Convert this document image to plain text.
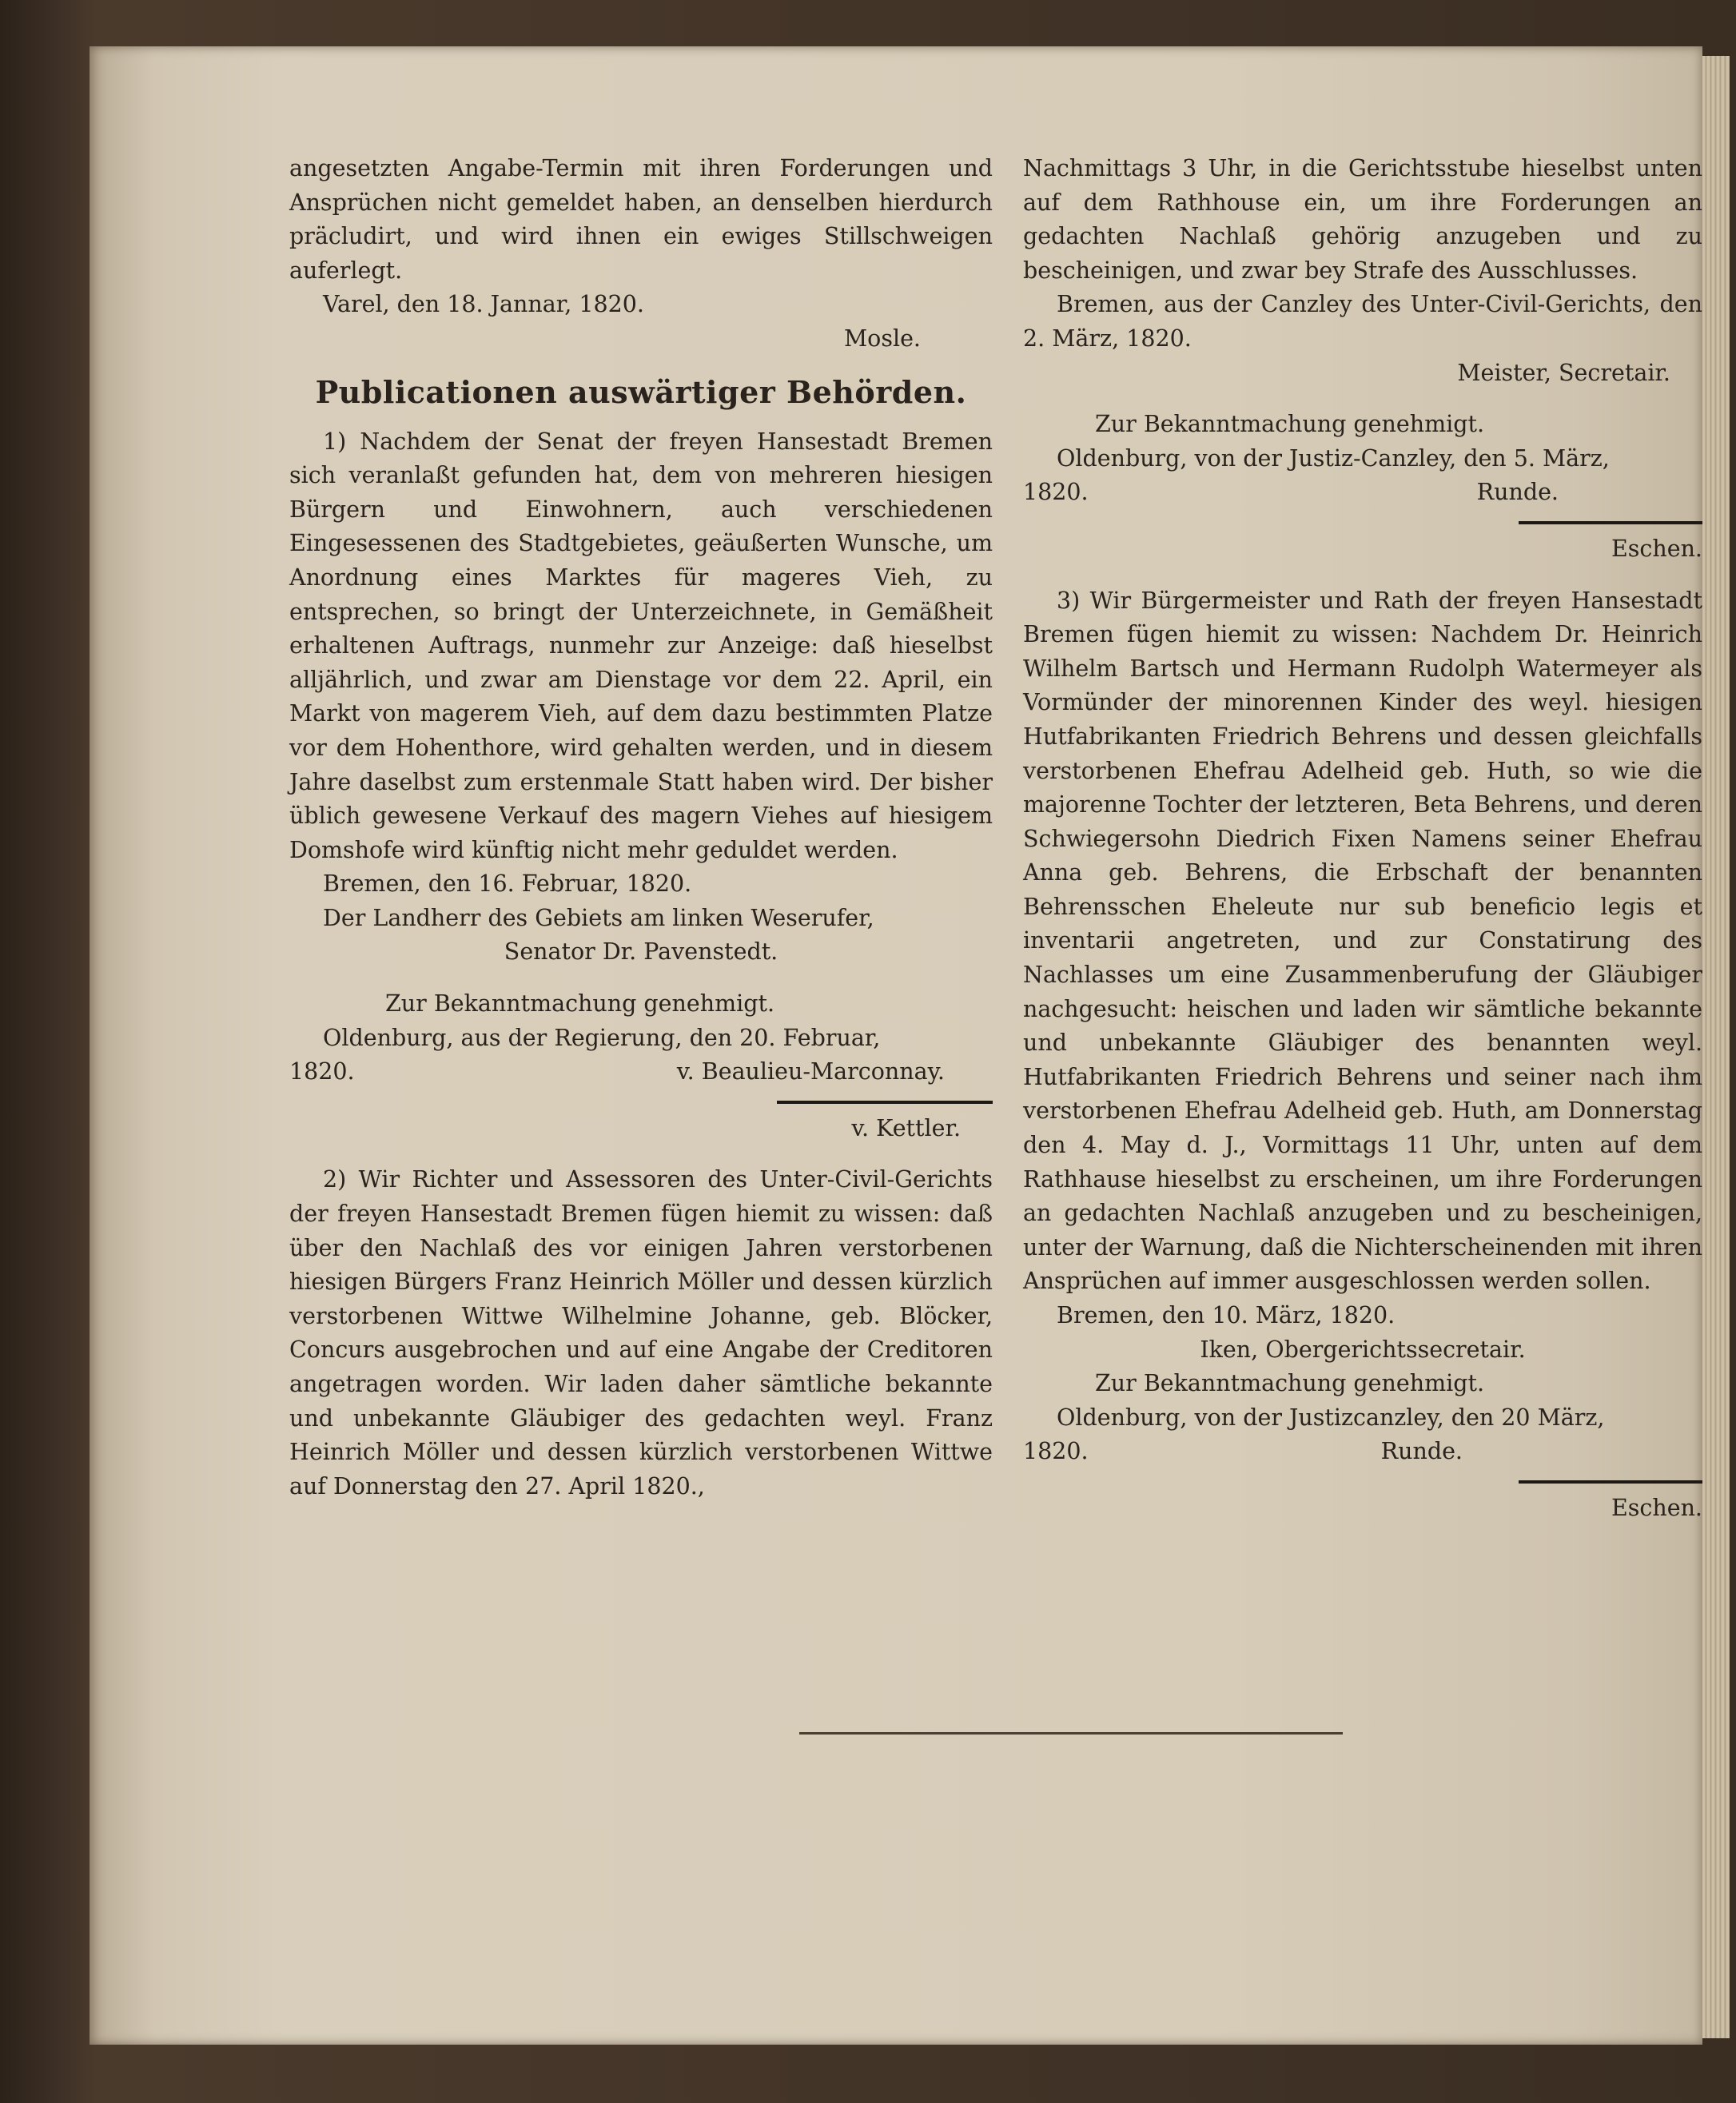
angesetzten Angabe-Termin mit ihren Forderungen und Ansprüchen nicht gemeldet haben, an denselben hierdurch präcludirt, und wird ihnen ein ewiges Stillschweigen auferlegt.

Varel, den 18. Jannar, 1820.

Mosle.

Publicationen auswärtiger Behörden.

1) Nachdem der Senat der freyen Hansestadt Bremen sich veranlaßt gefunden hat, dem von mehreren hiesigen Bürgern und Einwohnern, auch verschiedenen Eingesessenen des Stadtgebietes, geäußerten Wunsche, um Anordnung eines Marktes für mageres Vieh, zu entsprechen, so bringt der Unterzeichnete, in Gemäßheit erhaltenen Auftrags, nunmehr zur Anzeige: daß hieselbst alljährlich, und zwar am Dienstage vor dem 22. April, ein Markt von magerem Vieh, auf dem dazu bestimmten Platze vor dem Hohenthore, wird gehalten werden, und in diesem Jahre daselbst zum erstenmale Statt haben wird. Der bisher üblich gewesene Verkauf des magern Viehes auf hiesigem Domshofe wird künftig nicht mehr geduldet werden.

Bremen, den 16. Februar, 1820.

Der Landherr des Gebiets am linken Weserufer,

Senator Dr. Pavenstedt.

Zur Bekanntmachung genehmigt.

Oldenburg, aus der Regierung, den 20. Februar,

1820.	v. Beaulieu-Marconnay.

v. Kettler.

2) Wir Richter und Assessoren des Unter-Civil-Gerichts der freyen Hansestadt Bremen fügen hiemit zu wissen: daß über den Nachlaß des vor einigen Jahren verstorbenen hiesigen Bürgers Franz Heinrich Möller und dessen kürzlich verstorbenen Wittwe Wilhelmine Johanne, geb. Blöcker, Concurs ausgebrochen und auf eine Angabe der Creditoren angetragen worden. Wir laden daher sämtliche bekannte und unbekannte Gläubiger des gedachten weyl. Franz Heinrich Möller und dessen kürzlich verstorbenen Wittwe auf Donnerstag den 27. April 1820.,

Nachmittags 3 Uhr, in die Gerichtsstube hieselbst unten auf dem Rathhouse ein, um ihre Forderungen an gedachten Nachlaß gehörig anzugeben und zu bescheinigen, und zwar bey Strafe des Ausschlusses.

Bremen, aus der Canzley des Unter-Civil-Gerichts, den 2. März, 1820.

Meister, Secretair.

Zur Bekanntmachung genehmigt.

Oldenburg, von der Justiz-Canzley, den 5. März,

1820.	Runde.

Eschen.

3) Wir Bürgermeister und Rath der freyen Hansestadt Bremen fügen hiemit zu wissen: Nachdem Dr. Heinrich Wilhelm Bartsch und Hermann Rudolph Watermeyer als Vormünder der minorennen Kinder des weyl. hiesigen Hutfabrikanten Friedrich Behrens und dessen gleichfalls verstorbenen Ehefrau Adelheid geb. Huth, so wie die majorenne Tochter der letzteren, Beta Behrens, und deren Schwiegersohn Diedrich Fixen Namens seiner Ehefrau Anna geb. Behrens, die Erbschaft der benannten Behrensschen Eheleute nur sub beneficio legis et inventarii angetreten, und zur Constatirung des Nachlasses um eine Zusammenberufung der Gläubiger nachgesucht: heischen und laden wir sämtliche bekannte und unbekannte Gläubiger des benannten weyl. Hutfabrikanten Friedrich Behrens und seiner nach ihm verstorbenen Ehefrau Adelheid geb. Huth, am Donnerstag den 4. May d. J., Vormittags 11 Uhr, unten auf dem Rathhause hieselbst zu erscheinen, um ihre Forderungen an gedachten Nachlaß anzugeben und zu bescheinigen, unter der Warnung, daß die Nichterscheinenden mit ihren Ansprüchen auf immer ausgeschlossen werden sollen.

Bremen, den 10. März, 1820.

Iken, Obergerichtssecretair.

Zur Bekanntmachung genehmigt.

Oldenburg, von der Justizcanzley, den 20 März,

1820.	Runde.

Eschen.
